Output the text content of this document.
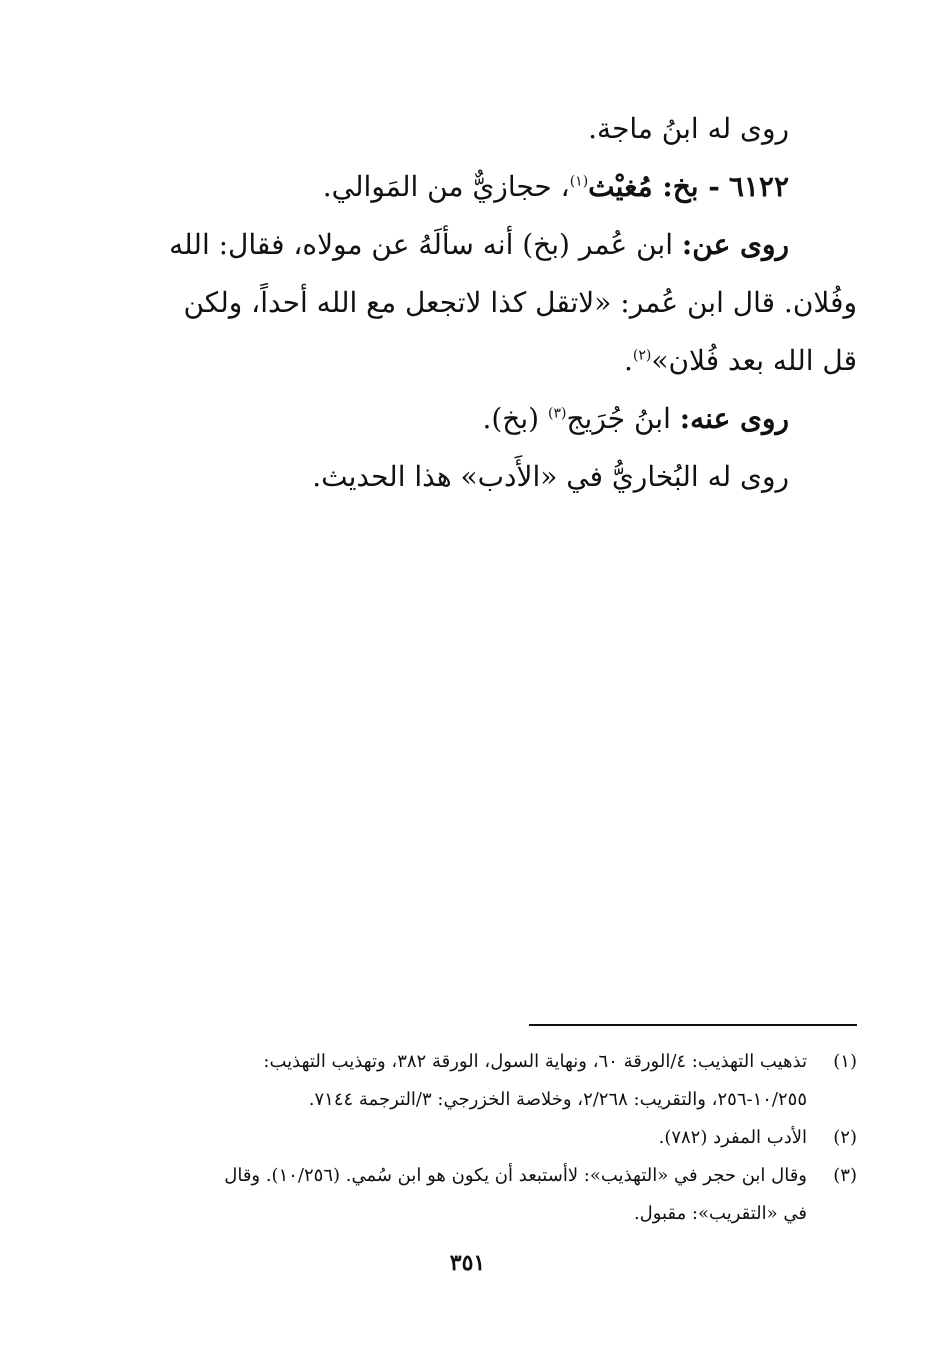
روى له ابنُ ماجة.
٦١٢٢ - بخ: مُغيْث$^{(١)}$، حجازيٌّ من المَوالي.
روى عن: ابن عُمر (بخ) أنه سألَهُ عن مولاه، فقال: الله
وفُلان. قال ابن عُمر: «لاتقل كذا لاتجعل مع الله أحداً، ولكن
قل الله بعد فُلان»$^{(٢)}$.
روى عنه: ابنُ جُرَيج$^{(٣)}$ (بخ).
روى له البُخاريُّ في «الأَدب» هذا الحديث.
(١)
تذهيب التهذيب: ٤/الورقة ٦٠، ونهاية السول، الورقة ٣٨٢، وتهذيب التهذيب:
١٠/٢٥٥-٢٥٦، والتقريب: ٢/٢٦٨، وخلاصة الخزرجي: ٣/الترجمة ٧١٤٤.
(٢)
الأدب المفرد (٧٨٢).
(٣)
وقال ابن حجر في «التهذيب»: لاأستبعد أن يكون هو ابن سُمي. (١٠/٢٥٦). وقال
في «التقريب»: مقبول.
٣٥١
